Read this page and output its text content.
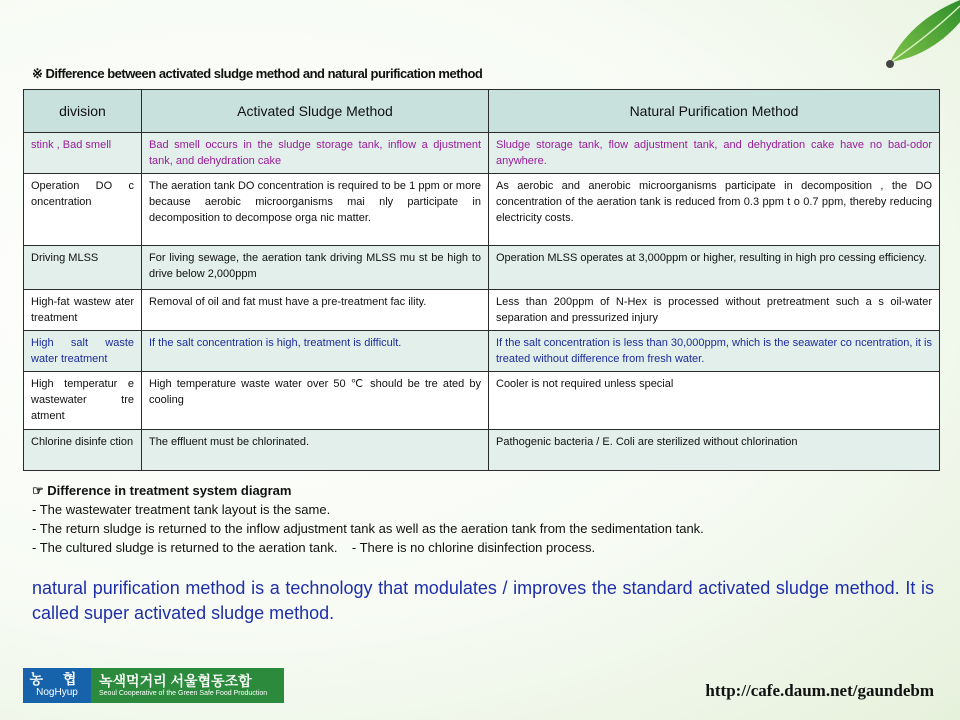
※ Difference between activated sludge method and natural purification method
division	Activated Sludge Method	Natural Purification Method
stink , Bad smell	Bad smell occurs in the sludge storage tank, inflow a djustment tank, and dehydration cake	Sludge storage tank, flow adjustment tank, and dehydration cake have no bad-odor anywhere.
Operation DO c oncentration	The aeration tank DO concentration is required to be 1 ppm or more because aerobic microorganisms mai nly participate in decomposition to decompose orga nic matter.	As aerobic and anerobic microorganisms participate in decomposition , the DO concentration of the aeration tank is reduced from 0.3 ppm t o 0.7 ppm, thereby reducing electricity costs.
Driving MLSS	For living sewage, the aeration tank driving MLSS mu st be high to drive below 2,000ppm	Operation MLSS operates at 3,000ppm or higher, resulting in high pro cessing efficiency.
High-fat wastew ater treatment	Removal of oil and fat must have a pre-treatment fac ility.	Less than 200ppm of N-Hex is processed without pretreatment such a s oil-water separation and pressurized injury
High salt waste water treatment	If the salt concentration is high, treatment is difficult.	If the salt concentration is less than 30,000ppm, which is the seawater co ncentration, it is treated without difference from fresh water.
High temperatur e wastewater tre atment	High temperature waste water over 50 ℃ should be tre ated by cooling	Cooler is not required unless special
Chlorine disinfe ction	The effluent must be chlorinated.	Pathogenic bacteria / E. Coli are sterilized without chlorination
☞ Difference in treatment system diagram
- The wastewater treatment tank layout is the same.
- The return sludge is returned to the inflow adjustment tank as well as the aeration tank from the sedimentation tank.
- The cultured sludge is returned to the aeration tank.    - There is no chlorine disinfection process.
natural purification method is a technology that modulates / improves the standard activated sludge method. It is called super activated sludge method.
농 협
NogHyup
녹색먹거리 서울협동조합
Seoul Cooperative of the Green Safe Food Production	http://cafe.daum.net/gaundebm
